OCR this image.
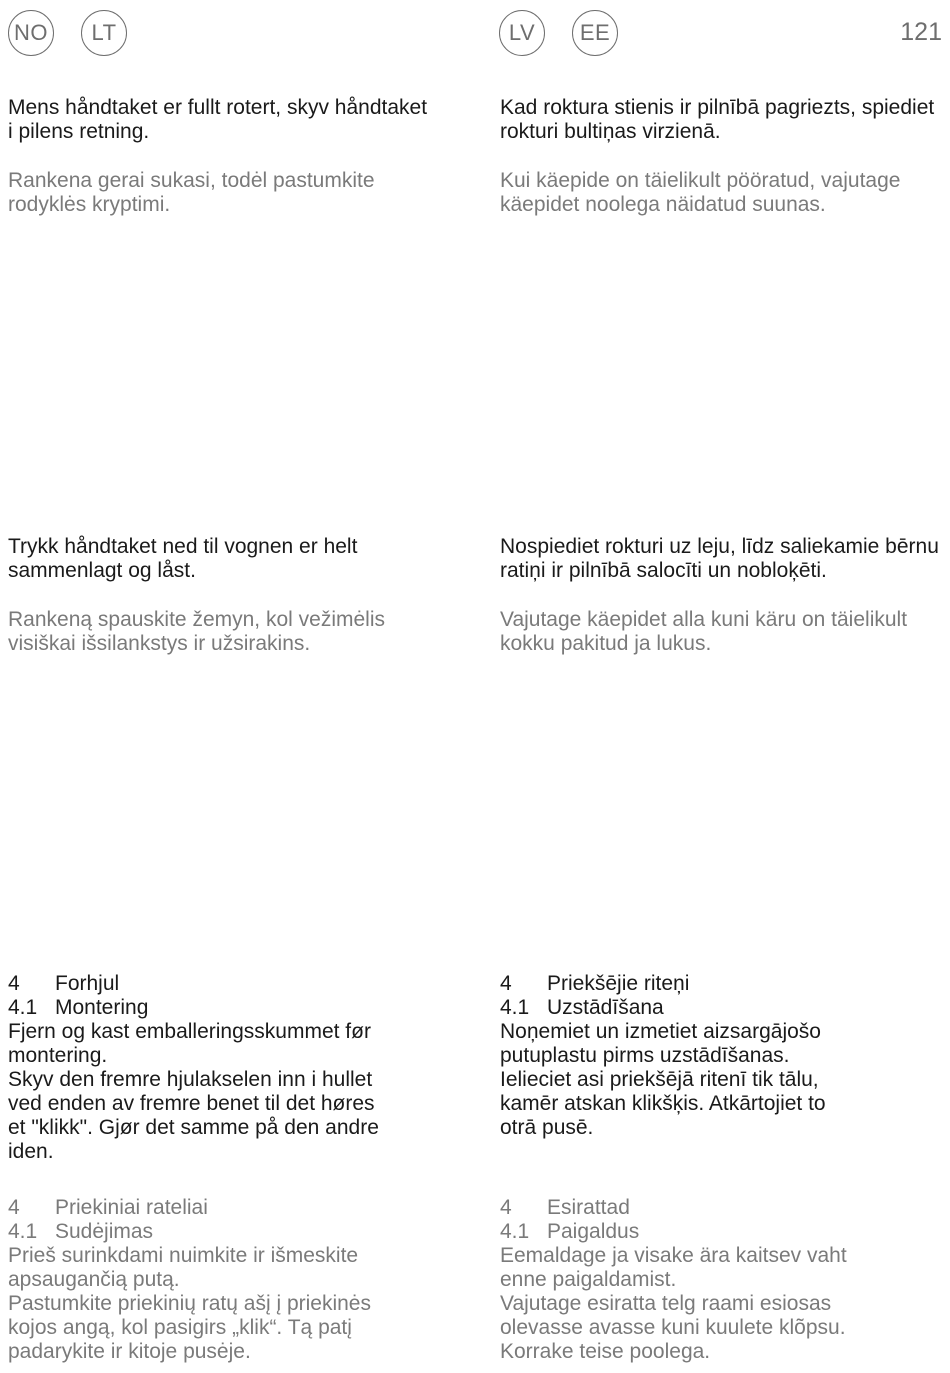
NO LT	LV EE	121

Mens håndtaket er fullt rotert, skyv håndtaket i pilens retning.

Rankena gerai sukasi, todėl pastumkite rodyklės kryptimi.

Kad roktura stienis ir pilnībā pagriezts, spiediet rokturi bultiņas virzienā.

Kui käepide on täielikult pööratud, vajutage käepidet noolega näidatud suunas.

Trykk håndtaket ned til vognen er helt sammenlagt og låst.

Rankeną spauskite žemyn, kol vežimėlis visiškai išsilankstys ir užsirakins.

Nospiediet rokturi uz leju, līdz saliekamie bērnu ratiņi ir pilnībā salocīti un nobloķēti.

Vajutage käepidet alla kuni käru on täielikult kokku pakitud ja lukus.

4	Forhjul

4.1 Montering

Fjern og kast emballeringsskummet før

montering.

Skyv den fremre hjulakselen inn i hullet

ved enden av fremre benet til det høres

et "klikk". Gjør det samme på den andre

iden.

4	Priekiniai rateliai

4.1 Sudėjimas

Prieš surinkdami nuimkite ir išmeskite

apsaugančią putą.

Pastumkite priekinių ratų ašį į priekinės

kojos angą, kol pasigirs „klik“. Tą patį

padarykite ir kitoje pusėje.

4	Priekšējie riteņi

4.1 Uzstādīšana

Noņemiet un izmetiet aizsargājošo

putuplastu pirms uzstādīšanas.

Ielieciet asi priekšējā ritenī tik tālu,

kamēr atskan klikšķis. Atkārtojiet to

otrā pusē.

4	Esirattad

4.1 Paigaldus

Eemaldage ja visake ära kaitsev vaht

enne paigaldamist.

Vajutage esiratta telg raami esiosas

olevasse avasse kuni kuulete klõpsu.

Korrake teise poolega.
